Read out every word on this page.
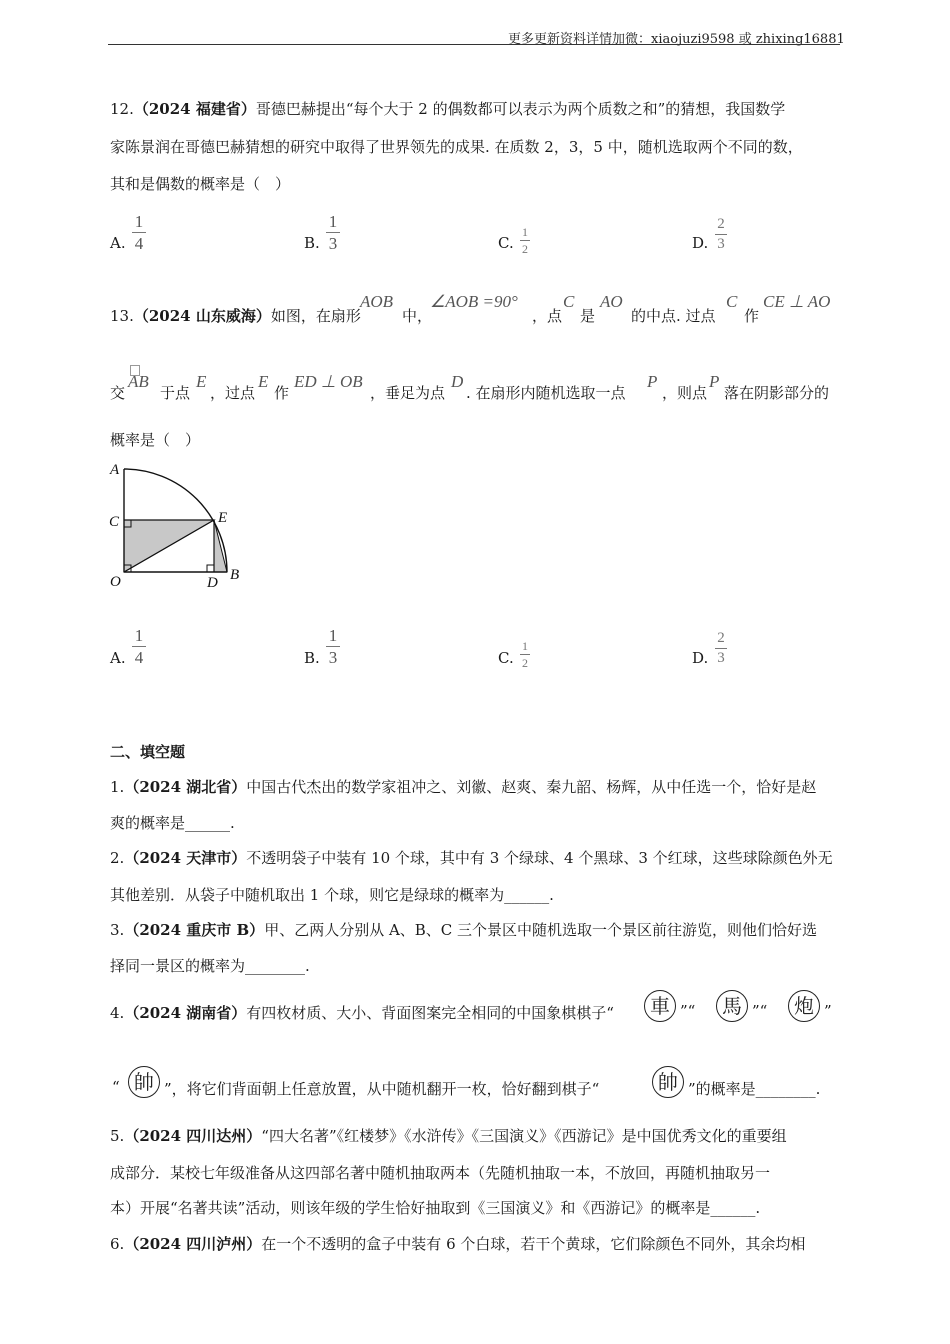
更多更新资料详情加微：xiaojuzi9598 或 zhixing16881
12.（2024 福建省）哥德巴赫提出“每个大于 2 的偶数都可以表示为两个质数之和”的猜想，我国数学
家陈景润在哥德巴赫猜想的研究中取得了世界领先的成果. 在质数 2，3，5 中，随机选取两个不同的数，
其和是偶数的概率是（　）
A.
1
4	B.
1
3	C.
1
2	D.
2
3
13.（2024 山东威海）如图，在扇形
AOB
中，
∠AOB =90°
，点
C
是
AO
的中点. 过点
C
作
CE ⊥ AO
交
AB
于点
E
，过点
E
作
ED ⊥ OB
，垂足为点
D
. 在扇形内随机选取一点
P
，则点
P
落在阴影部分的
概率是（　）
A
C
O
E
D B
A.
1
4	B.
1
3	C.
1
2	D.
2
3
二、填空题
1.（2024 湖北省）中国古代杰出的数学家祖冲之、刘徽、赵爽、秦九韶、杨辉，从中任选一个，恰好是赵
爽的概率是______.
2.（2024 天津市）不透明袋子中装有 10 个球，其中有 3 个绿球、4 个黑球、3 个红球，这些球除颜色外无
其他差别．从袋子中随机取出 1 个球，则它是绿球的概率为______.
3.（2024 重庆市 B）甲、乙两人分别从 A、B、C 三个景区中随机选取一个景区前往游览，则他们恰好选
择同一景区的概率为________.
4.（2024 湖南省）有四枚材质、大小、背面图案完全相同的中国象棋棋子“	車 ”“	馬 ”“	炮 ”
“ 帥 ”，将它们背面朝上任意放置，从中随机翻开一枚，恰好翻到棋子“	帥 ”的概率是________.
5.（2024 四川达州）“四大名著”《红楼梦》《水浒传》《三国演义》《西游记》是中国优秀文化的重要组
成部分．某校七年级准备从这四部名著中随机抽取两本（先随机抽取一本，不放回，再随机抽取另一
本）开展“名著共读”活动，则该年级的学生恰好抽取到《三国演义》和《西游记》的概率是______.
6.（2024 四川泸州）在一个不透明的盒子中装有 6 个白球，若干个黄球，它们除颜色不同外，其余均相
